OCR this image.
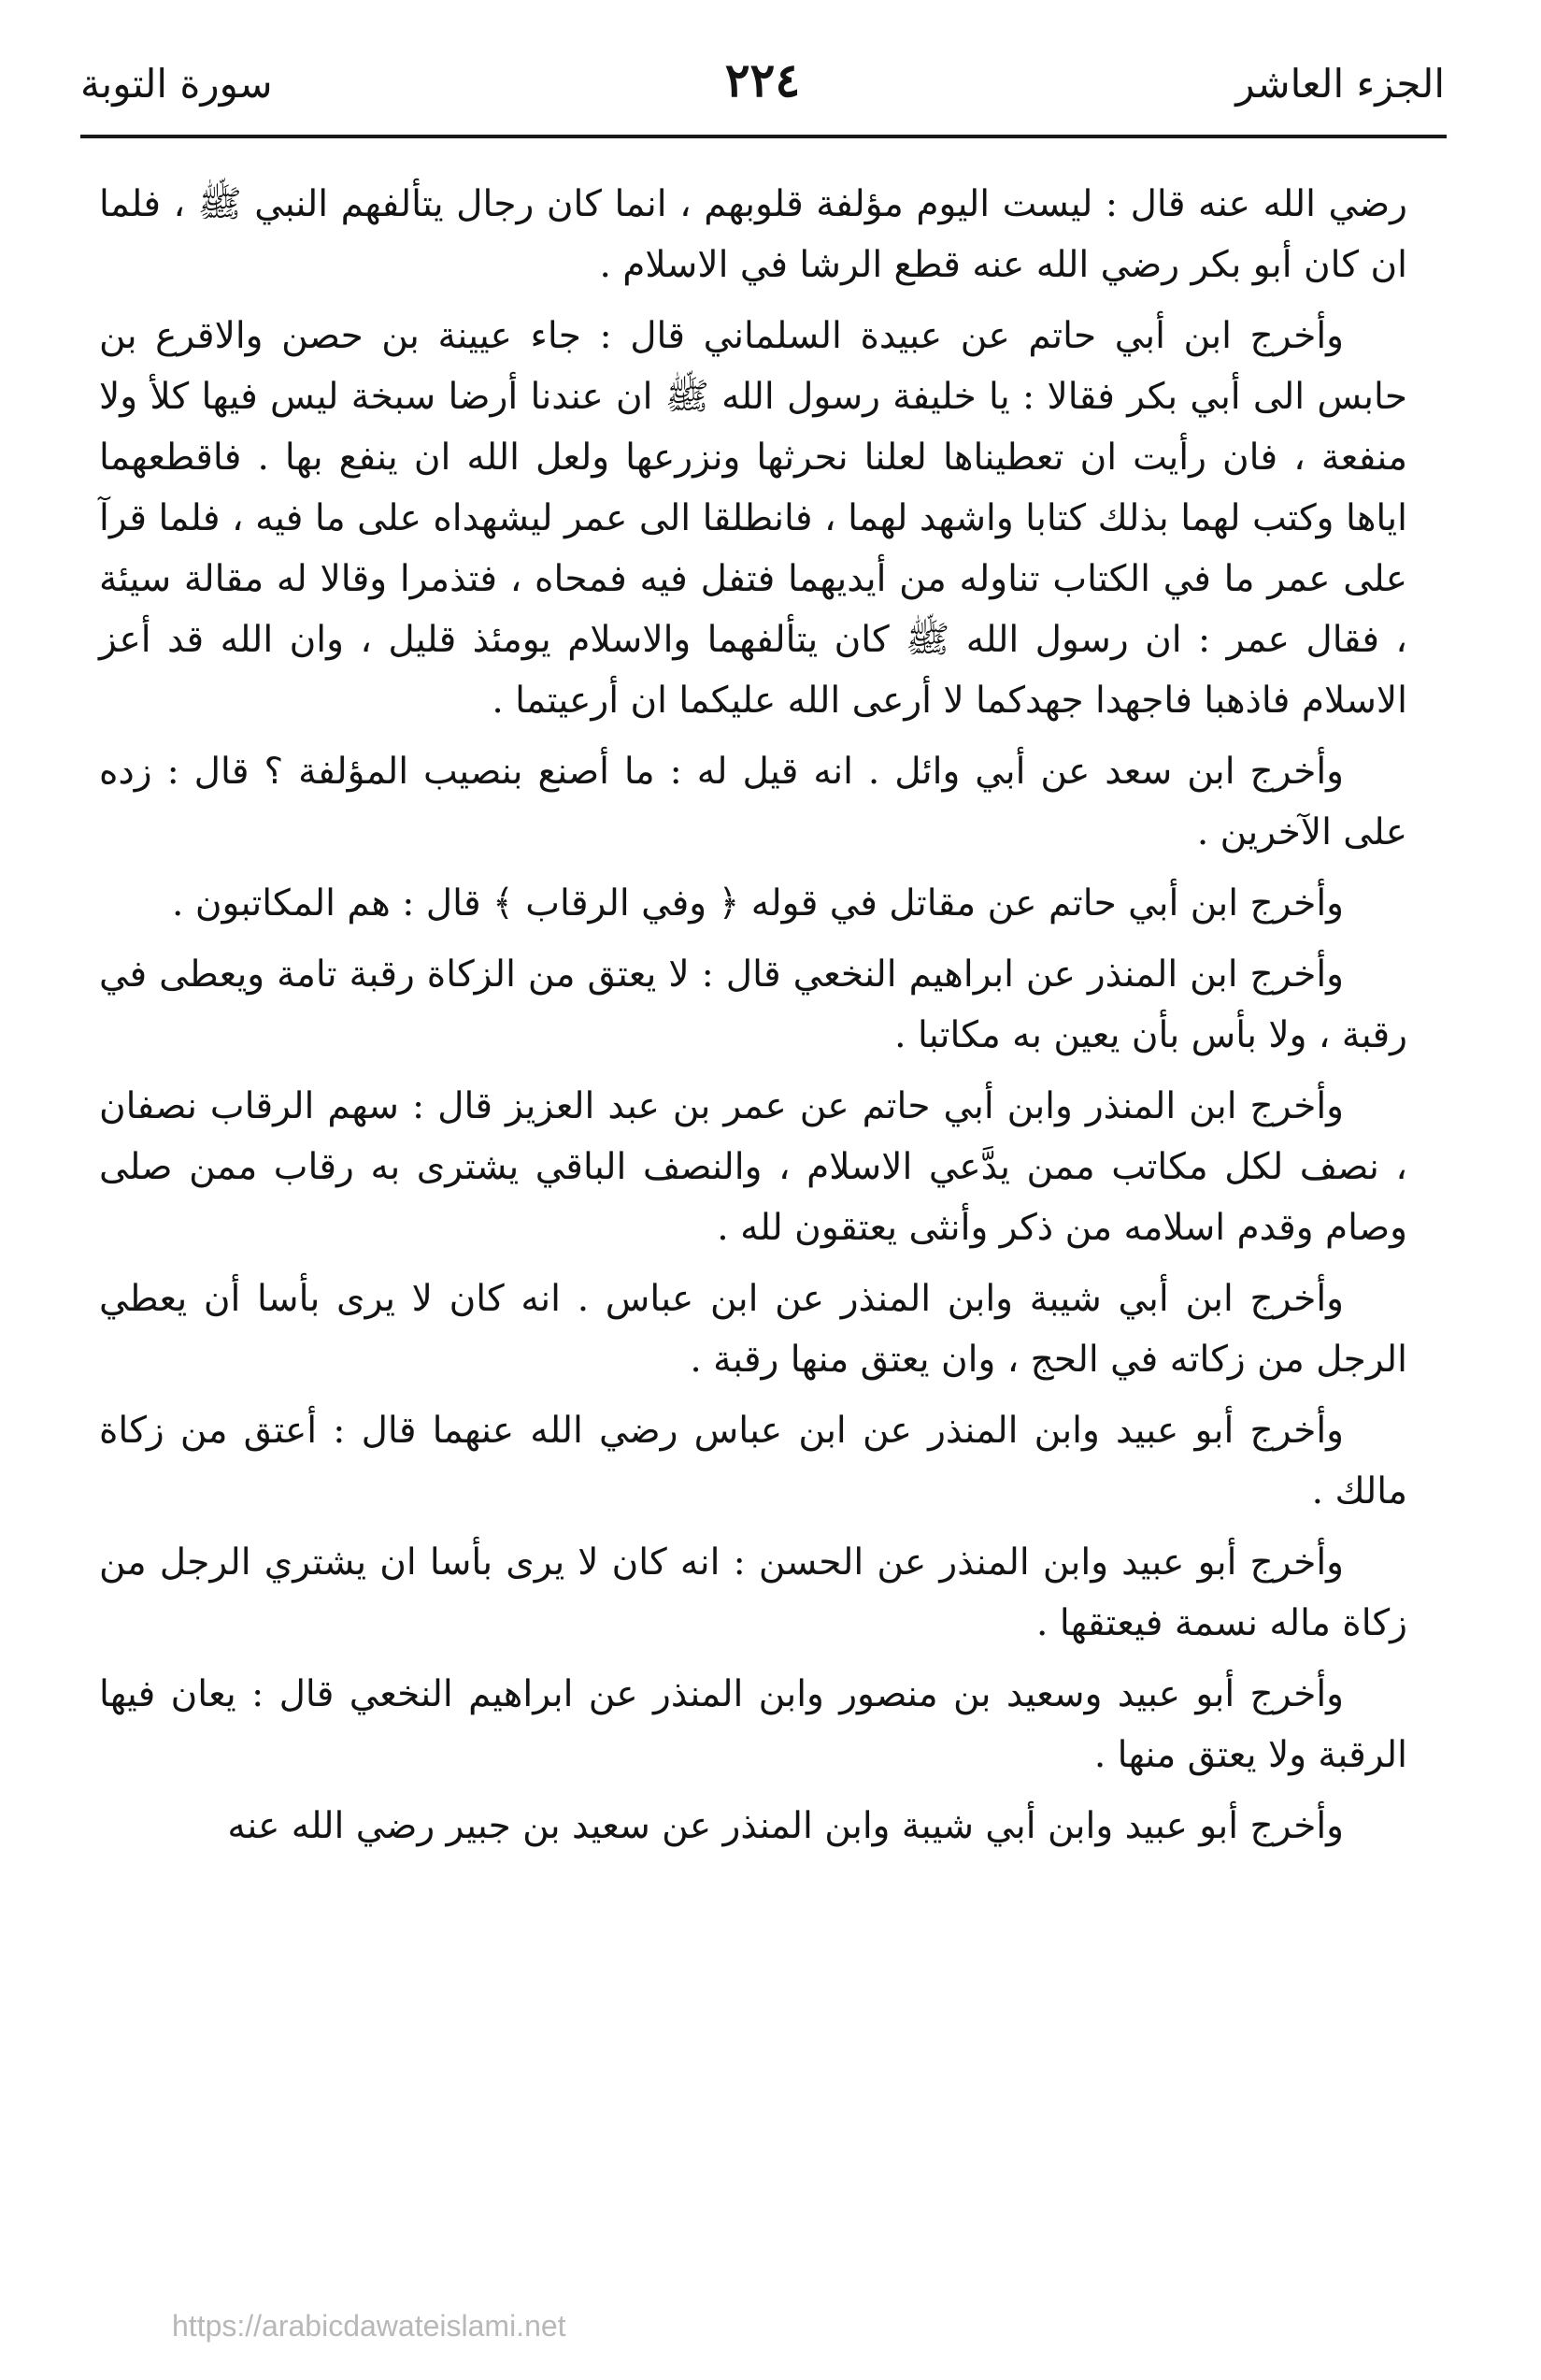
الجزء العاشر
٢٢٤
سورة التوبة

رضي الله عنه قال : ليست اليوم مؤلفة قلوبهم ، انما كان رجال يتألفهم النبي ﷺ ، فلما ان كان أبو بكر رضي الله عنه قطع الرشا في الاسلام .

وأخرج ابن أبي حاتم عن عبيدة السلماني قال : جاء عيينة بن حصن والاقرع بن حابس الى أبي بكر فقالا : يا خليفة رسول الله ﷺ ان عندنا أرضا سبخة ليس فيها كلأ ولا منفعة ، فان رأيت ان تعطيناها لعلنا نحرثها ونزرعها ولعل الله ان ينفع بها . فاقطعهما اياها وكتب لهما بذلك كتابا واشهد لهما ، فانطلقا الى عمر ليشهداه على ما فيه ، فلما قرآ على عمر ما في الكتاب تناوله من أيديهما فتفل فيه فمحاه ، فتذمرا وقالا له مقالة سيئة ، فقال عمر : ان رسول الله ﷺ كان يتألفهما والاسلام يومئذ قليل ، وان الله قد أعز الاسلام فاذهبا فاجهدا جهدكما لا أرعى الله عليكما ان أرعيتما .

وأخرج ابن سعد عن أبي وائل . انه قيل له : ما أصنع بنصيب المؤلفة ؟ قال : زده على الآخرين .

وأخرج ابن أبي حاتم عن مقاتل في قوله ﴿ وفي الرقاب ﴾ قال : هم المكاتبون .

وأخرج ابن المنذر عن ابراهيم النخعي قال : لا يعتق من الزكاة رقبة تامة ويعطى في رقبة ، ولا بأس بأن يعين به مكاتبا .

وأخرج ابن المنذر وابن أبي حاتم عن عمر بن عبد العزيز قال : سهم الرقاب نصفان ، نصف لكل مكاتب ممن يدَّعي الاسلام ، والنصف الباقي يشترى به رقاب ممن صلى وصام وقدم اسلامه من ذكر وأنثى يعتقون لله .

وأخرج ابن أبي شيبة وابن المنذر عن ابن عباس . انه كان لا يرى بأسا أن يعطي الرجل من زكاته في الحج ، وان يعتق منها رقبة .

وأخرج أبو عبيد وابن المنذر عن ابن عباس رضي الله عنهما قال : أعتق من زكاة مالك .

وأخرج أبو عبيد وابن المنذر عن الحسن : انه كان لا يرى بأسا ان يشتري الرجل من زكاة ماله نسمة فيعتقها .

وأخرج أبو عبيد وسعيد بن منصور وابن المنذر عن ابراهيم النخعي قال : يعان فيها الرقبة ولا يعتق منها .

وأخرج أبو عبيد وابن أبي شيبة وابن المنذر عن سعيد بن جبير رضي الله عنه

https://arabicdawateislami.net
